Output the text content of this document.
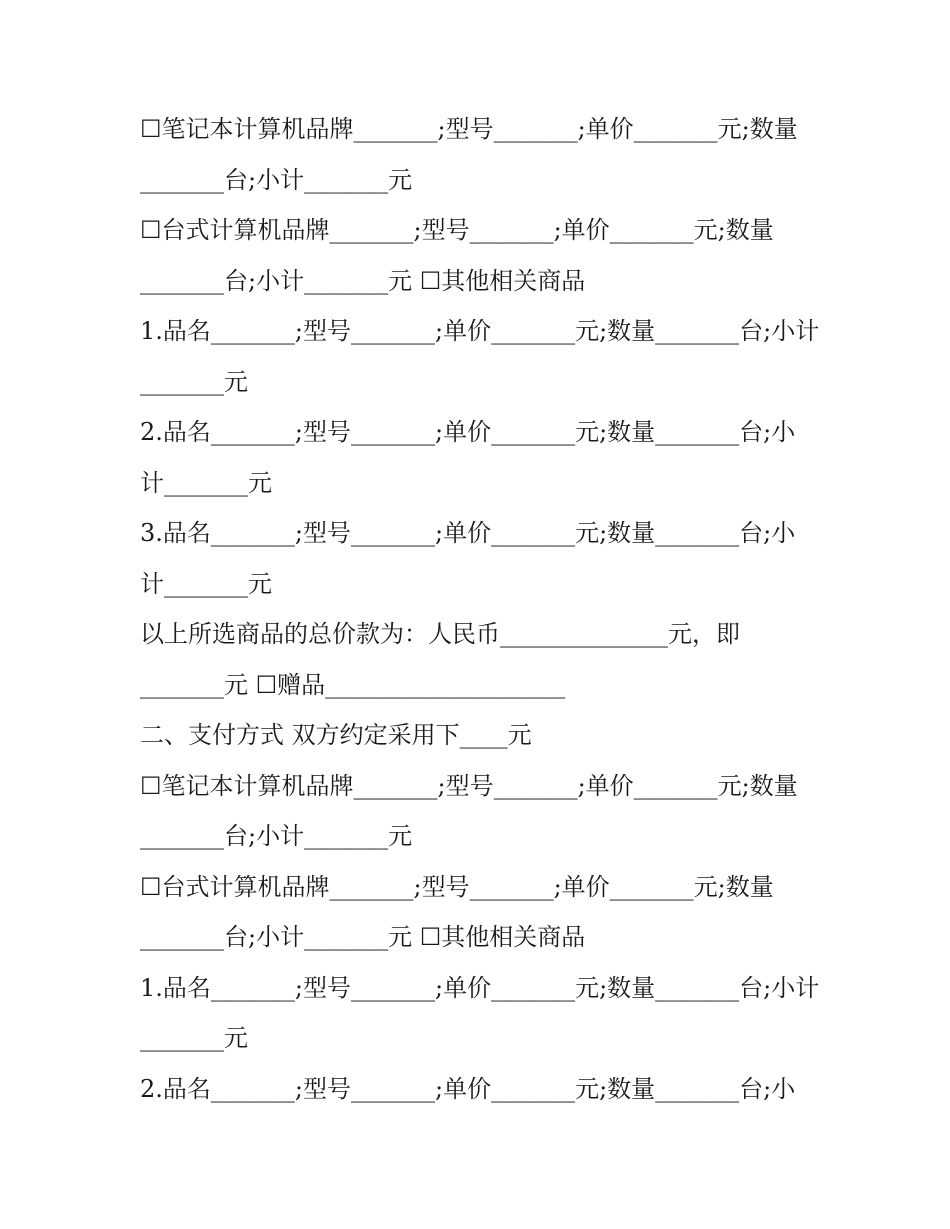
☐笔记本计算机品牌_______;型号_______;单价_______元;数量
_______台;小计_______元
☐台式计算机品牌_______;型号_______;单价_______元;数量
_______台;小计_______元 ☐其他相关商品
1.品名_______;型号_______;单价_______元;数量_______台;小计
_______元
2.品名_______;型号_______;单价_______元;数量_______台;小
计_______元
3.品名_______;型号_______;单价_______元;数量_______台;小
计_______元
以上所选商品的总价款为：人民币______________元，即
_______元 ☐赠品____________________
二、支付方式 双方约定采用下____元
☐笔记本计算机品牌_______;型号_______;单价_______元;数量
_______台;小计_______元
☐台式计算机品牌_______;型号_______;单价_______元;数量
_______台;小计_______元 ☐其他相关商品
1.品名_______;型号_______;单价_______元;数量_______台;小计
_______元
2.品名_______;型号_______;单价_______元;数量_______台;小
